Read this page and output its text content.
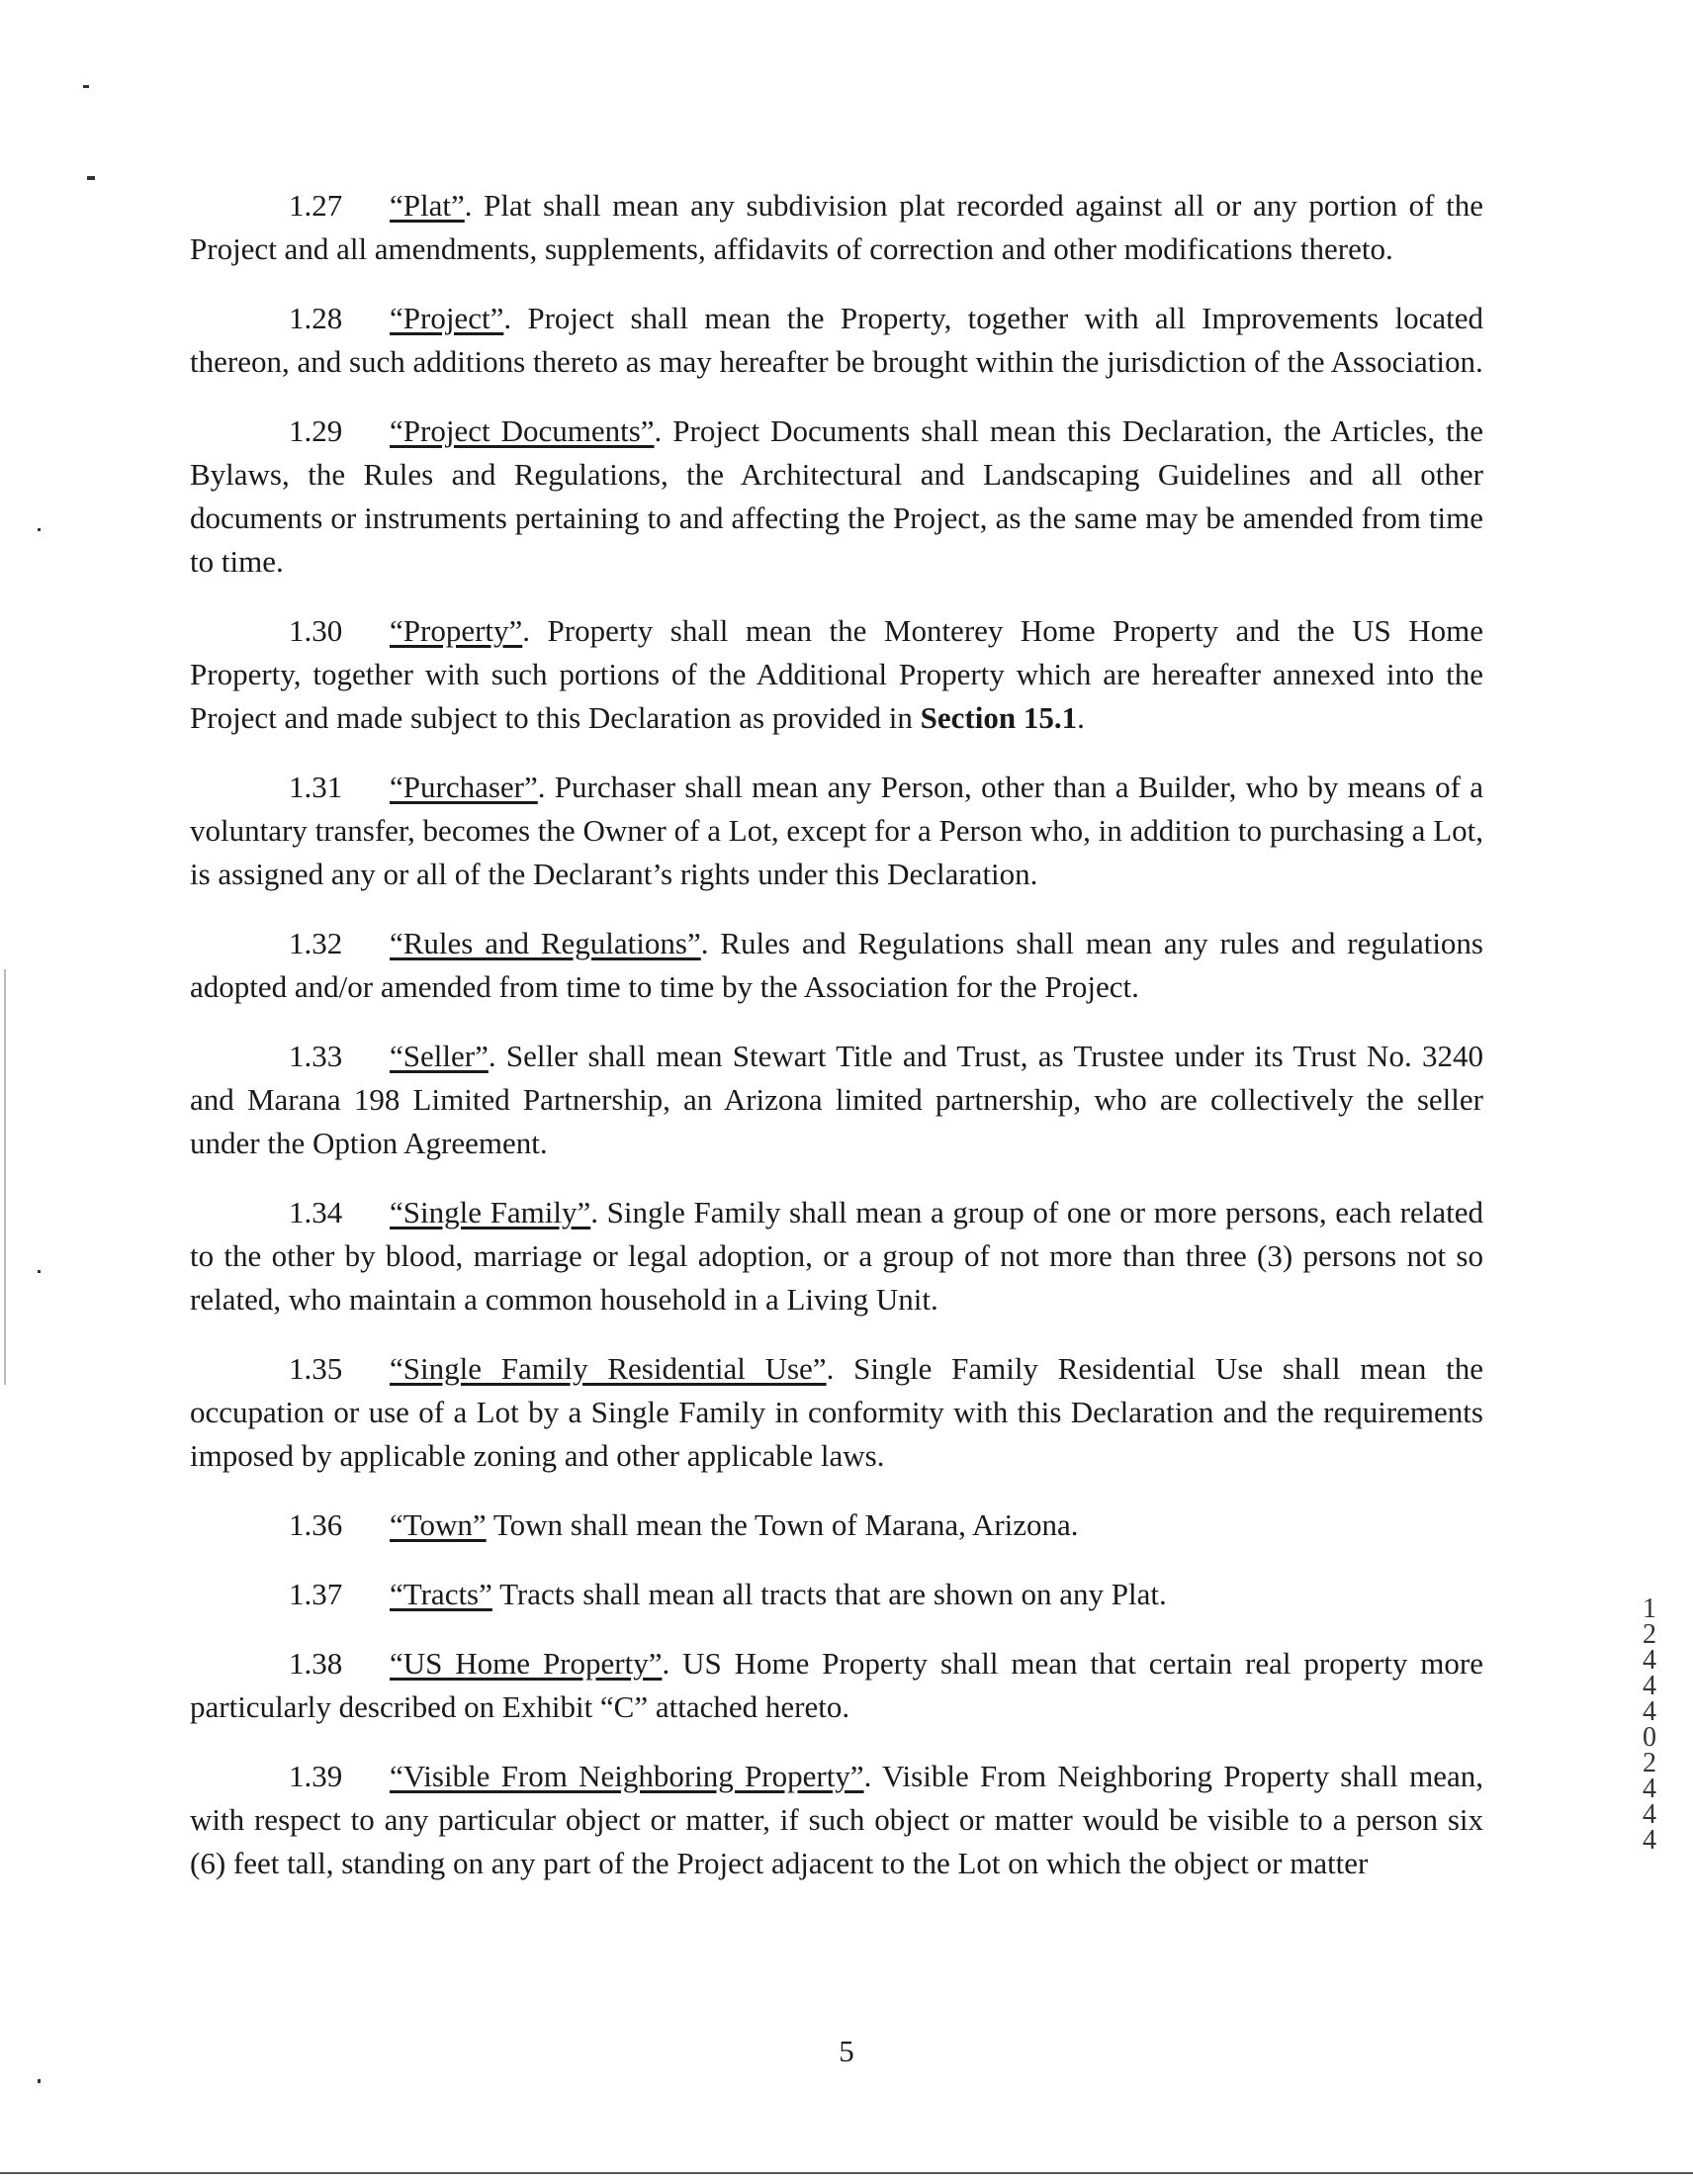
1.27 “Plat”. Plat shall mean any subdivision plat recorded against all or any portion of the Project and all amendments, supplements, affidavits of correction and other modifications thereto.

1.28 “Project”. Project shall mean the Property, together with all Improvements located thereon, and such additions thereto as may hereafter be brought within the jurisdiction of the Association.

1.29 “Project Documents”. Project Documents shall mean this Declaration, the Articles, the Bylaws, the Rules and Regulations, the Architectural and Landscaping Guidelines and all other documents or instruments pertaining to and affecting the Project, as the same may be amended from time to time.

1.30 “Property”. Property shall mean the Monterey Home Property and the US Home Property, together with such portions of the Additional Property which are hereafter annexed into the Project and made subject to this Declaration as provided in Section 15.1.

1.31 “Purchaser”. Purchaser shall mean any Person, other than a Builder, who by means of a voluntary transfer, becomes the Owner of a Lot, except for a Person who, in addition to purchasing a Lot, is assigned any or all of the Declarant’s rights under this Declaration.

1.32 “Rules and Regulations”. Rules and Regulations shall mean any rules and regulations adopted and/or amended from time to time by the Association for the Project.

1.33 “Seller”. Seller shall mean Stewart Title and Trust, as Trustee under its Trust No. 3240 and Marana 198 Limited Partnership, an Arizona limited partnership, who are collectively the seller under the Option Agreement.

1.34 “Single Family”. Single Family shall mean a group of one or more persons, each related to the other by blood, marriage or legal adoption, or a group of not more than three (3) persons not so related, who maintain a common household in a Living Unit.

1.35 “Single Family Residential Use”. Single Family Residential Use shall mean the occupation or use of a Lot by a Single Family in conformity with this Declaration and the requirements imposed by applicable zoning and other applicable laws.

1.36 “Town” Town shall mean the Town of Marana, Arizona.

1.37 “Tracts” Tracts shall mean all tracts that are shown on any Plat.

1.38 “US Home Property”. US Home Property shall mean that certain real property more particularly described on Exhibit “C” attached hereto.

1.39 “Visible From Neighboring Property”. Visible From Neighboring Property shall mean, with respect to any particular object or matter, if such object or matter would be visible to a person six (6) feet tall, standing on any part of the Project adjacent to the Lot on which the object or matter

1
2
4
4
4
0
2
4
4
4
5
